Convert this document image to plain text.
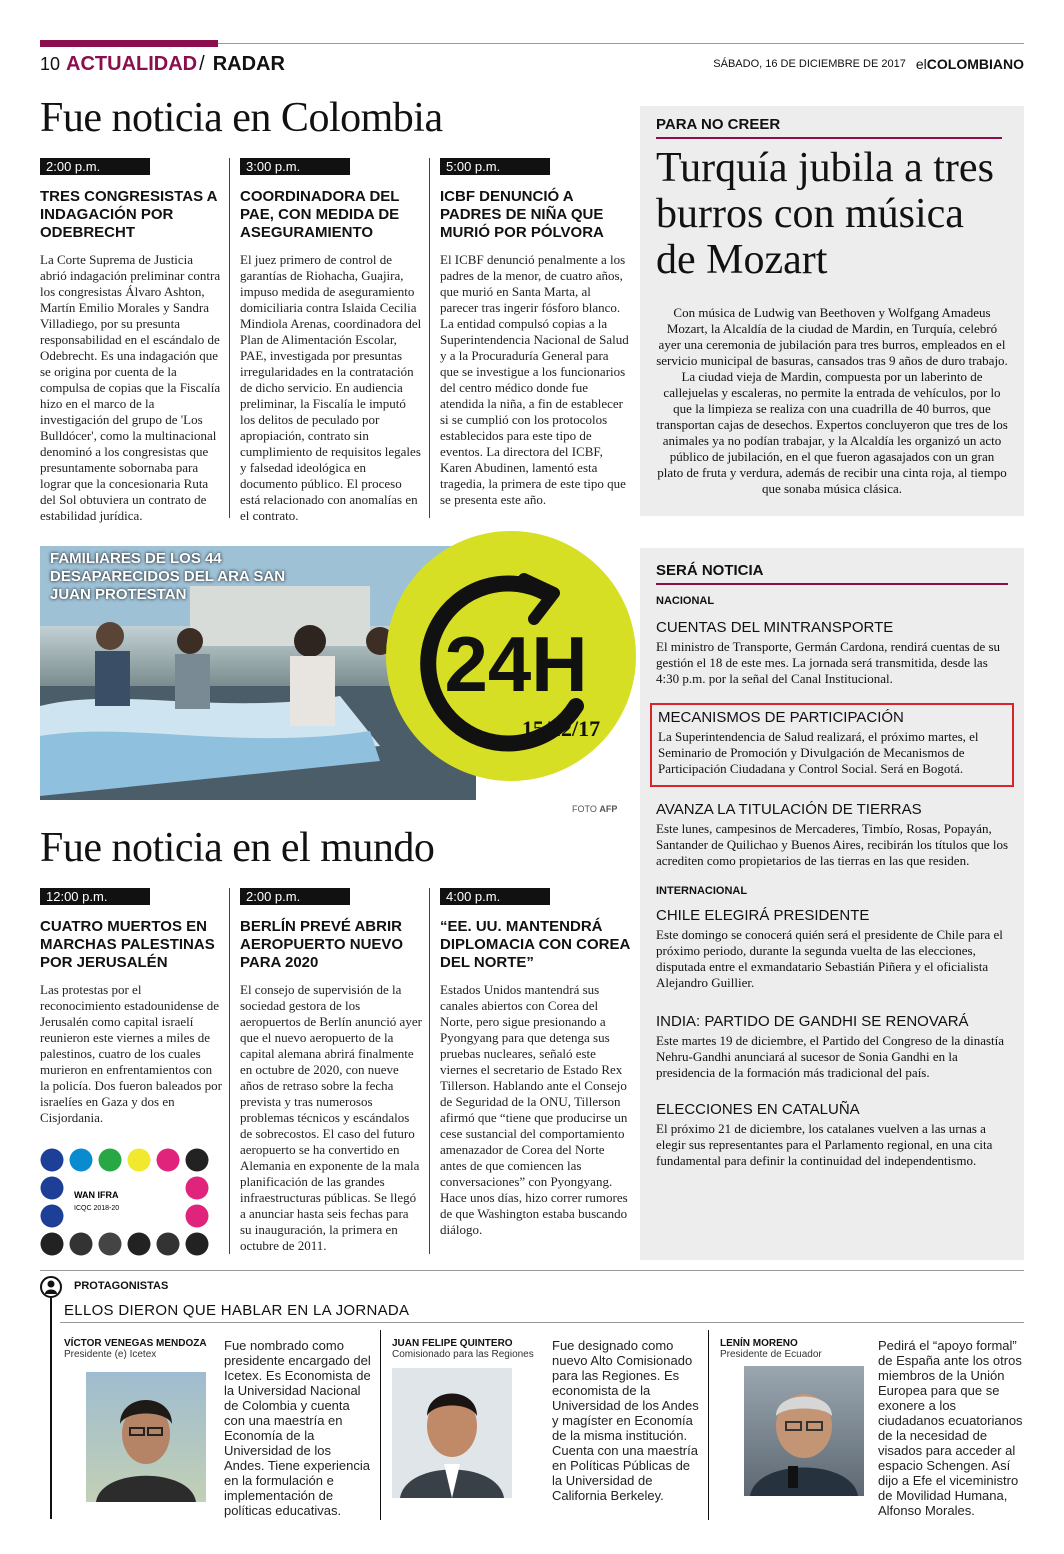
10 ACTUALIDAD / RADAR	SÁBADO, 16 DE DICIEMBRE DE 2017 elCOLOMBIANO
Fue noticia en Colombia
2:00 p.m.
TRES CONGRESISTAS A INDAGACIÓN POR ODEBRECHT
La Corte Suprema de Justicia abrió indagación preliminar contra los congresistas Álvaro Ashton, Martín Emilio Morales y Sandra Villadiego, por su presunta responsabilidad en el escándalo de Odebrecht. Es una indagación que se origina por cuenta de la compulsa de copias que la Fiscalía hizo en el marco de la investigación del grupo de 'Los Bulldócer', como la multinacional denominó a los congresistas que presuntamente sobornaba para lograr que la concesionaria Ruta del Sol obtuviera un contrato de estabilidad jurídica.
3:00 p.m.
COORDINADORA DEL PAE, CON MEDIDA DE ASEGURAMIENTO
El juez primero de control de garantías de Riohacha, Guajira, impuso medida de aseguramiento domiciliaria contra Islaida Cecilia Mindiola Arenas, coordinadora del Plan de Alimentación Escolar, PAE, investigada por presuntas irregularidades en la contratación de dicho servicio. En audiencia preliminar, la Fiscalía le imputó los delitos de peculado por apropiación, contrato sin cumplimiento de requisitos legales y falsedad ideológica en documento público. El proceso está relacionado con anomalías en el contrato.
5:00 p.m.
ICBF DENUNCIÓ A PADRES DE NIÑA QUE MURIÓ POR PÓLVORA
El ICBF denunció penalmente a los padres de la menor, de cuatro años, que murió en Santa Marta, al parecer tras ingerir fósforo blanco. La entidad compulsó copias a la Superintendencia Nacional de Salud y a la Procuraduría General para que se investigue a los funcionarios del centro médico donde fue atendida la niña, a fin de establecer si se cumplió con los protocolos establecidos para este tipo de eventos. La directora del ICBF, Karen Abudinen, lamentó esta tragedia, la primera de este tipo que se presenta este año.
PARA NO CREER
Turquía jubila a tres burros con música de Mozart
Con música de Ludwig van Beethoven y Wolfgang Amadeus Mozart, la Alcaldía de la ciudad de Mardin, en Turquía, celebró ayer una ceremonia de jubilación para tres burros, empleados en el servicio municipal de basuras, cansados tras 9 años de duro trabajo. La ciudad vieja de Mardin, compuesta por un laberinto de callejuelas y escaleras, no permite la entrada de vehículos, por lo que la limpieza se realiza con una cuadrilla de 40 burros, que transportan cajas de desechos. Expertos concluyeron que tres de los animales ya no podían trabajar, y la Alcaldía les organizó un acto público de jubilación, en el que fueron agasajados con un gran plato de fruta y verdura, además de recibir una cinta roja, al tiempo que sonaba música clásica.
FAMILIARES DE LOS 44 DESAPARECIDOS DEL ARA SAN JUAN PROTESTAN
24H
15/12/17
FOTO AFP
SERÁ NOTICIA
NACIONAL
CUENTAS DEL MINTRANSPORTE
El ministro de Transporte, Germán Cardona, rendirá cuentas de su gestión el 18 de este mes. La jornada será transmitida, desde las 4:30 p.m. por la señal del Canal Institucional.
MECANISMOS DE PARTICIPACIÓN
La Superintendencia de Salud realizará, el próximo martes, el Seminario de Promoción y Divulgación de Mecanismos de Participación Ciudadana y Control Social. Será en Bogotá.
AVANZA LA TITULACIÓN DE TIERRAS
Este lunes, campesinos de Mercaderes, Timbío, Rosas, Popayán, Santander de Quilichao y Buenos Aires, recibirán los títulos que los acrediten como propietarios de las tierras en las que residen.
INTERNACIONAL
CHILE ELEGIRÁ PRESIDENTE
Este domingo se conocerá quién será el presidente de Chile para el próximo periodo, durante la segunda vuelta de las elecciones, disputada entre el exmandatario Sebastián Piñera y el oficialista Alejandro Guillier.
INDIA: PARTIDO DE GANDHI SE RENOVARÁ
Este martes 19 de diciembre, el Partido del Congreso de la dinastía Nehru-Gandhi anunciará al sucesor de Sonia Gandhi en la presidencia de la formación más tradicional del país.
ELECCIONES EN CATALUÑA
El próximo 21 de diciembre, los catalanes vuelven a las urnas a elegir sus representantes para el Parlamento regional, en una cita fundamental para definir la continuidad del independentismo.
Fue noticia en el mundo
12:00 p.m.
CUATRO MUERTOS EN MARCHAS PALESTINAS POR JERUSALÉN
Las protestas por el reconocimiento estadounidense de Jerusalén como capital israelí reunieron este viernes a miles de palestinos, cuatro de los cuales murieron en enfrentamientos con la policía. Dos fueron baleados por israelíes en Gaza y dos en Cisjordania.
WAN IFRA
ICQC 2018-20
2:00 p.m.
BERLÍN PREVÉ ABRIR AEROPUERTO NUEVO PARA 2020
El consejo de supervisión de la sociedad gestora de los aeropuertos de Berlín anunció ayer que el nuevo aeropuerto de la capital alemana abrirá finalmente en octubre de 2020, con nueve años de retraso sobre la fecha prevista y tras numerosos problemas técnicos y escándalos de sobrecostos. El caso del futuro aeropuerto se ha convertido en Alemania en exponente de la mala planificación de las grandes infraestructuras públicas. Se llegó a anunciar hasta seis fechas para su inauguración, la primera en octubre de 2011.
4:00 p.m.
“EE. UU. MANTENDRÁ DIPLOMACIA CON COREA DEL NORTE”
Estados Unidos mantendrá sus canales abiertos con Corea del Norte, pero sigue presionando a Pyongyang para que detenga sus pruebas nucleares, señaló este viernes el secretario de Estado Rex Tillerson. Hablando ante el Consejo de Seguridad de la ONU, Tillerson afirmó que “tiene que producirse un cese sustancial del comportamiento amenazador de Corea del Norte antes de que comiencen las conversaciones” con Pyongyang. Hace unos días, hizo correr rumores de que Washington estaba buscando diálogo.
PROTAGONISTAS
ELLOS DIERON QUE HABLAR EN LA JORNADA
VÍCTOR VENEGAS MENDOZA
Presidente (e) Icetex
Fue nombrado como presidente encargado del Icetex. Es Economista de la Universidad Nacional de Colombia y cuenta con una maestría en Economía de la Universidad de los Andes. Tiene experiencia en la formulación e implementación de políticas educativas.
JUAN FELIPE QUINTERO
Comisionado para las Regiones
Fue designado como nuevo Alto Comisionado para las Regiones. Es economista de la Universidad de los Andes y magíster en Economía de la misma institución. Cuenta con una maestría en Políticas Públicas de la Universidad de California Berkeley.
LENÍN MORENO
Presidente de Ecuador
Pedirá el “apoyo formal” de España ante los otros miembros de la Unión Europea para que se exonere a los ciudadanos ecuatorianos de la necesidad de visados para acceder al espacio Schengen. Así dijo a Efe el viceministro de Movilidad Humana, Alfonso Morales.
